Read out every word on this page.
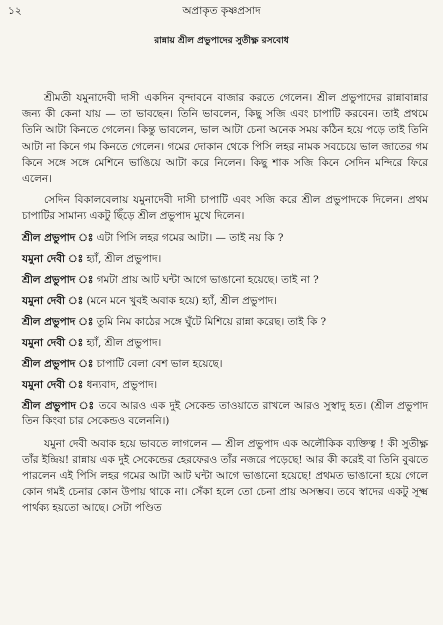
১২	অপ্রাকৃত কৃষ্ণপ্রসাদ
রান্নায় শ্রীল প্রভুপাদের সুতীক্ষ্ণ রসবোধ

শ্রীমতী যমুনাদেবী দাসী একদিন বৃন্দাবনে বাজার করতে গেলেন। শ্রীল প্রভুপাদের রান্নাবান্নার জন্য কী কেনা যায় — তা ভাবছেন। তিনি ভাবলেন, কিছু সজি এবং চাপাটি করবেন। তাই প্রথমে তিনি আটা কিনতে গেলেন। কিন্তু ভাবলেন, ভাল আটা চেনা অনেক সময় কঠিন হয়ে পড়ে তাই তিনি আটা না কিনে গম কিনতে গেলেন। গমের দোকান থেকে পিসি লহর নামক সবচেয়ে ভাল জাতের গম কিনে সঙ্গে সঙ্গে মেশিনে ভাঙিয়ে আটা করে নিলেন। কিছু শাক সজি কিনে সেদিন মন্দিরে ফিরে এলেন।

সেদিন বিকালবেলায় যমুনাদেবী দাসী চাপাটি এবং সজি করে শ্রীল প্রভুপাদকে দিলেন। প্রথম চাপাটির সামান্য একটু ছিঁড়ে শ্রীল প্রভুপাদ মুখে দিলেন।

শ্রীল প্রভুপাদ ঃ এটা পিসি লহর গমের আটা। — তাই নয় কি ?

যমুনা দেবী ঃ হ্যাঁ, শ্রীল প্রভুপাদ।

শ্রীল প্রভুপাদ ঃ গমটা প্রায় আট ঘন্টা আগে ভাঙানো হয়েছে। তাই না ?

যমুনা দেবী ঃ (মনে মনে খুবই অবাক হয়ে) হ্যাঁ, শ্রীল প্রভুপাদ।

শ্রীল প্রভুপাদ ঃ তুমি নিম কাঠের সঙ্গে ঘুঁটে মিশিয়ে রান্না করেছ। তাই কি ?

যমুনা দেবী ঃ হ্যাঁ, শ্রীল প্রভুপাদ।

শ্রীল প্রভুপাদ ঃ চাপাটি বেলা বেশ ভাল হয়েছে।

যমুনা দেবী ঃ ধন্যবাদ, প্রভুপাদ।

শ্রীল প্রভুপাদ ঃ তবে আরও এক দুই সেকেন্ড তাওয়াতে রাখলে আরও সুস্বাদু হত। (শ্রীল প্রভুপাদ তিন কিংবা চার সেকেন্ডও বলেননি।)

যমুনা দেবী অবাক হয়ে ভাবতে লাগলেন — শ্রীল প্রভুপাদ এক অলৌকিক ব্যক্তিত্ব ! কী সুতীক্ষ্ণ তাঁর ইন্দ্রিয়! রান্নায় এক দুই সেকেন্ডের হেরফেরও তাঁর নজরে পড়েছে! আর কী করেই বা তিনি বুঝতে পারলেন এই পিসি লহর গমের আটা আট ঘন্টা আগে ভাঙানো হয়েছে! প্রথমত ভাঙানো হয়ে গেলে কোন গমই চেনার কোন উপায় থাকে না। সেঁকা হলে তো চেনা প্রায় অসম্ভব। তবে স্বাদের একটু সূক্ষ্ম পার্থক্য হয়তো আছে। সেটা পণ্ডিত
